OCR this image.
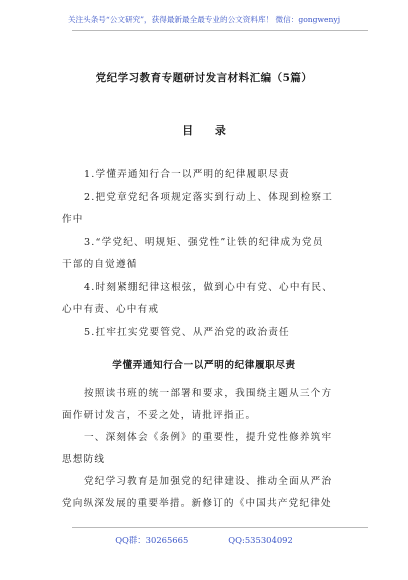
关注头条号“公文研究”，获得最新最全最专业的公文资料库！ 微信：gongwenyj
党纪学习教育专题研讨发言材料汇编（5篇）
目 录
1.学懂弄通知行合一以严明的纪律履职尽责
2.把党章党纪各项规定落实到行动上、体现到检察工
作中
3.“学党纪、明规矩、强党性”让铁的纪律成为党员
干部的自觉遵循
4.时刻紧绷纪律这根弦，做到心中有党、心中有民、
心中有责、心中有戒
5.扛牢扛实党要管党、从严治党的政治责任
学懂弄通知行合一以严明的纪律履职尽责
按照读书班的统一部署和要求，我围绕主题从三个方
面作研讨发言，不妥之处，请批评指正。
一、深刻体会《条例》的重要性，提升党性修养筑牢
思想防线
党纪学习教育是加强党的纪律建设、推动全面从严治
党向纵深发展的重要举措。新修订的《中国共产党纪律处
QQ群：30265665	QQ:535304092
